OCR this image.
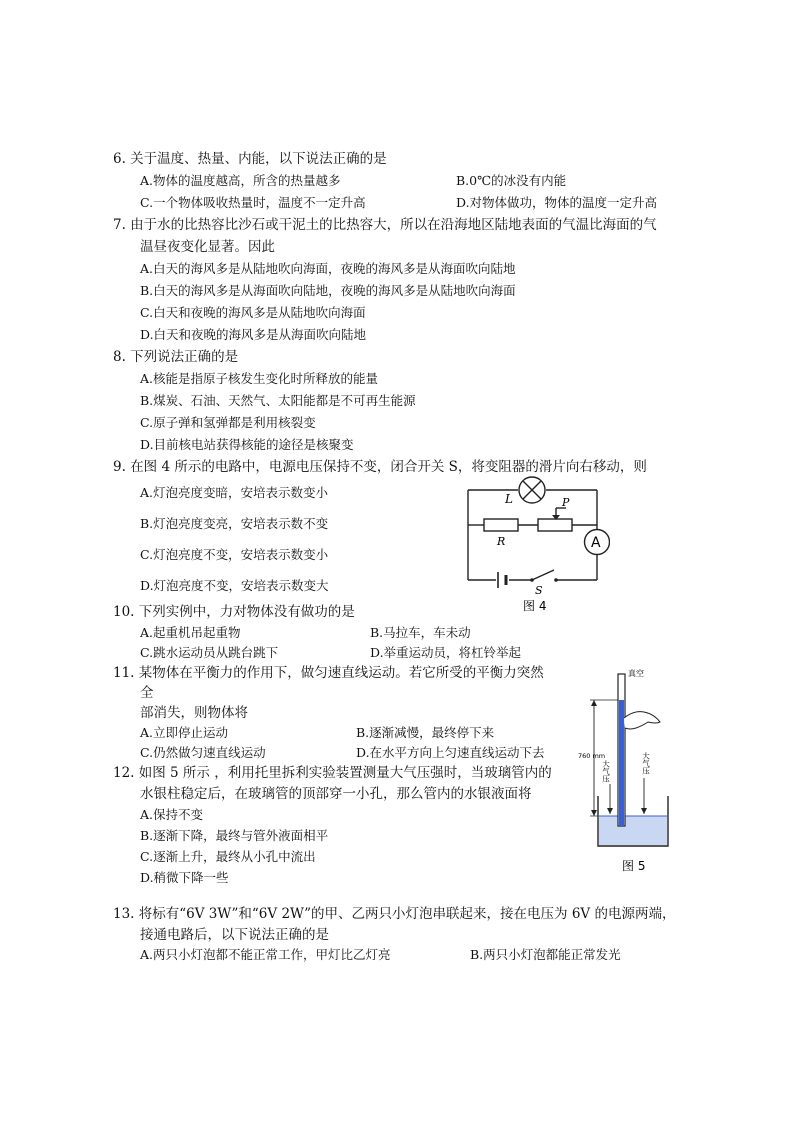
6. 关于温度、热量、内能，以下说法正确的是
A.物体的温度越高，所含的热量越多	B.0℃的冰没有内能
C.一个物体吸收热量时，温度不一定升高	D.对物体做功，物体的温度一定升高
7. 由于水的比热容比沙石或干泥土的比热容大，所以在沿海地区陆地表面的气温比海面的气
温昼夜变化显著。因此
A.白天的海风多是从陆地吹向海面，夜晚的海风多是从海面吹向陆地
B.白天的海风多是从海面吹向陆地，夜晚的海风多是从陆地吹向海面
C.白天和夜晚的海风多是从陆地吹向海面
D.白天和夜晚的海风多是从海面吹向陆地
8. 下列说法正确的是
A.核能是指原子核发生变化时所释放的能量
B.煤炭、石油、天然气、太阳能都是不可再生能源
C.原子弹和氢弹都是利用核裂变
D.目前核电站获得核能的途径是核聚变
9. 在图 4 所示的电路中，电源电压保持不变，闭合开关 S，将变阻器的滑片向右移动，则
A.灯泡亮度变暗，安培表示数变小
B.灯泡亮度变亮，安培表示数不变
C.灯泡亮度不变，安培表示数变小
D.灯泡亮度不变，安培表示数变大
L	P
R	A
S
图 4
10. 下列实例中，力对物体没有做功的是
A.起重机吊起重物	B.马拉车，车未动
C.跳水运动员从跳台跳下	D.举重运动员，将杠铃举起
11. 某物体在平衡力的作用下，做匀速直线运动。若它所受的平衡力突然
全
部消失，则物体将
A.立即停止运动	B.逐渐减慢，最终停下来
C.仍然做匀速直线运动	D.在水平方向上匀速直线运动下去
12. 如图 5 所示 ，利用托里拆利实验装置测量大气压强时，当玻璃管内的
水银柱稳定后，在玻璃管的顶部穿一小孔，那么管内的水银液面将
A.保持不变
B.逐渐下降，最终与管外液面相平
C.逐渐上升，最终从小孔中流出
D.稍微下降一些
真空
760 mm
大气压	大气压
图 5
13. 将标有“6V 3W”和“6V 2W”的甲、乙两只小灯泡串联起来，接在电压为 6V 的电源两端，
接通电路后，以下说法正确的是
A.两只小灯泡都不能正常工作，甲灯比乙灯亮	B.两只小灯泡都能正常发光
